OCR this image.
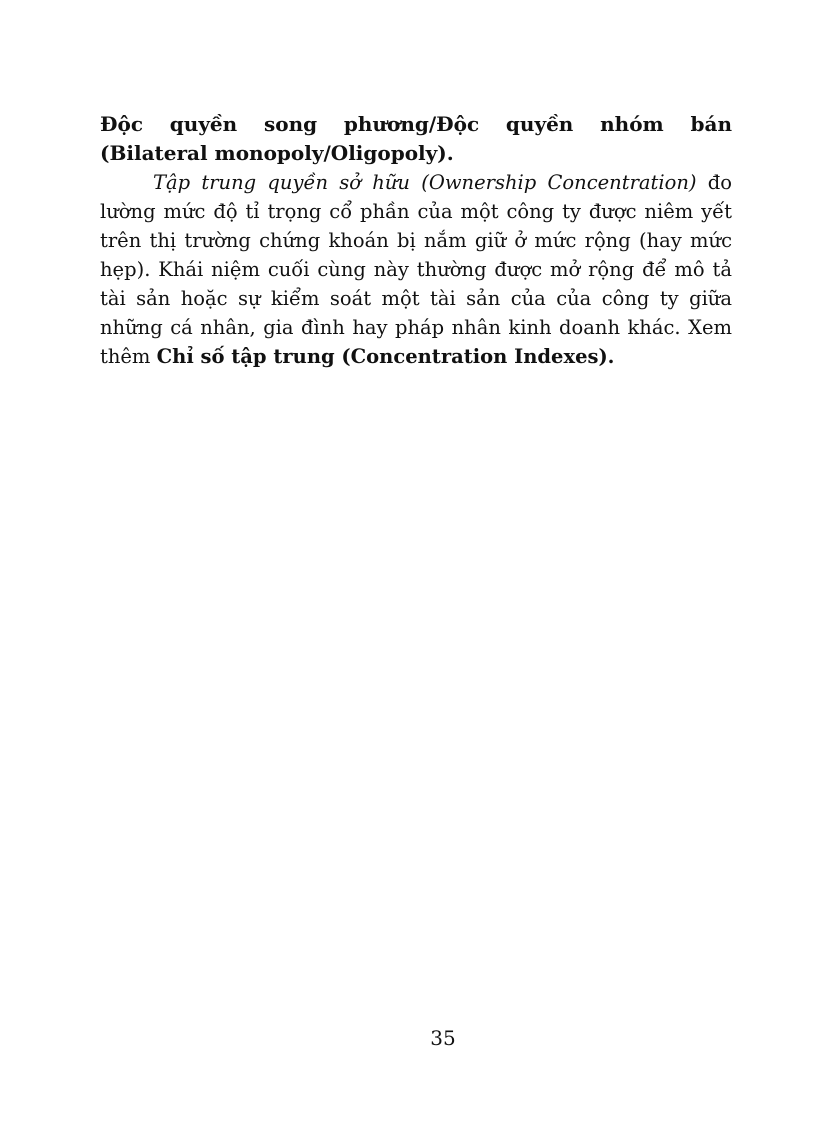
Độc quyền song phương/Độc quyền nhóm bán
(Bilateral monopoly/Oligopoly).

Tập trung quyền sở hữu (Ownership Concentration) đo lường mức độ tỉ trọng cổ phần của một công ty được niêm yết trên thị trường chứng khoán bị nắm giữ ở mức rộng (hay mức hẹp). Khái niệm cuối cùng này thường được mở rộng để mô tả tài sản hoặc sự kiểm soát một tài sản của của công ty giữa những cá nhân, gia đình hay pháp nhân kinh doanh khác. Xem thêm Chỉ số tập trung (Concentration Indexes).

35
